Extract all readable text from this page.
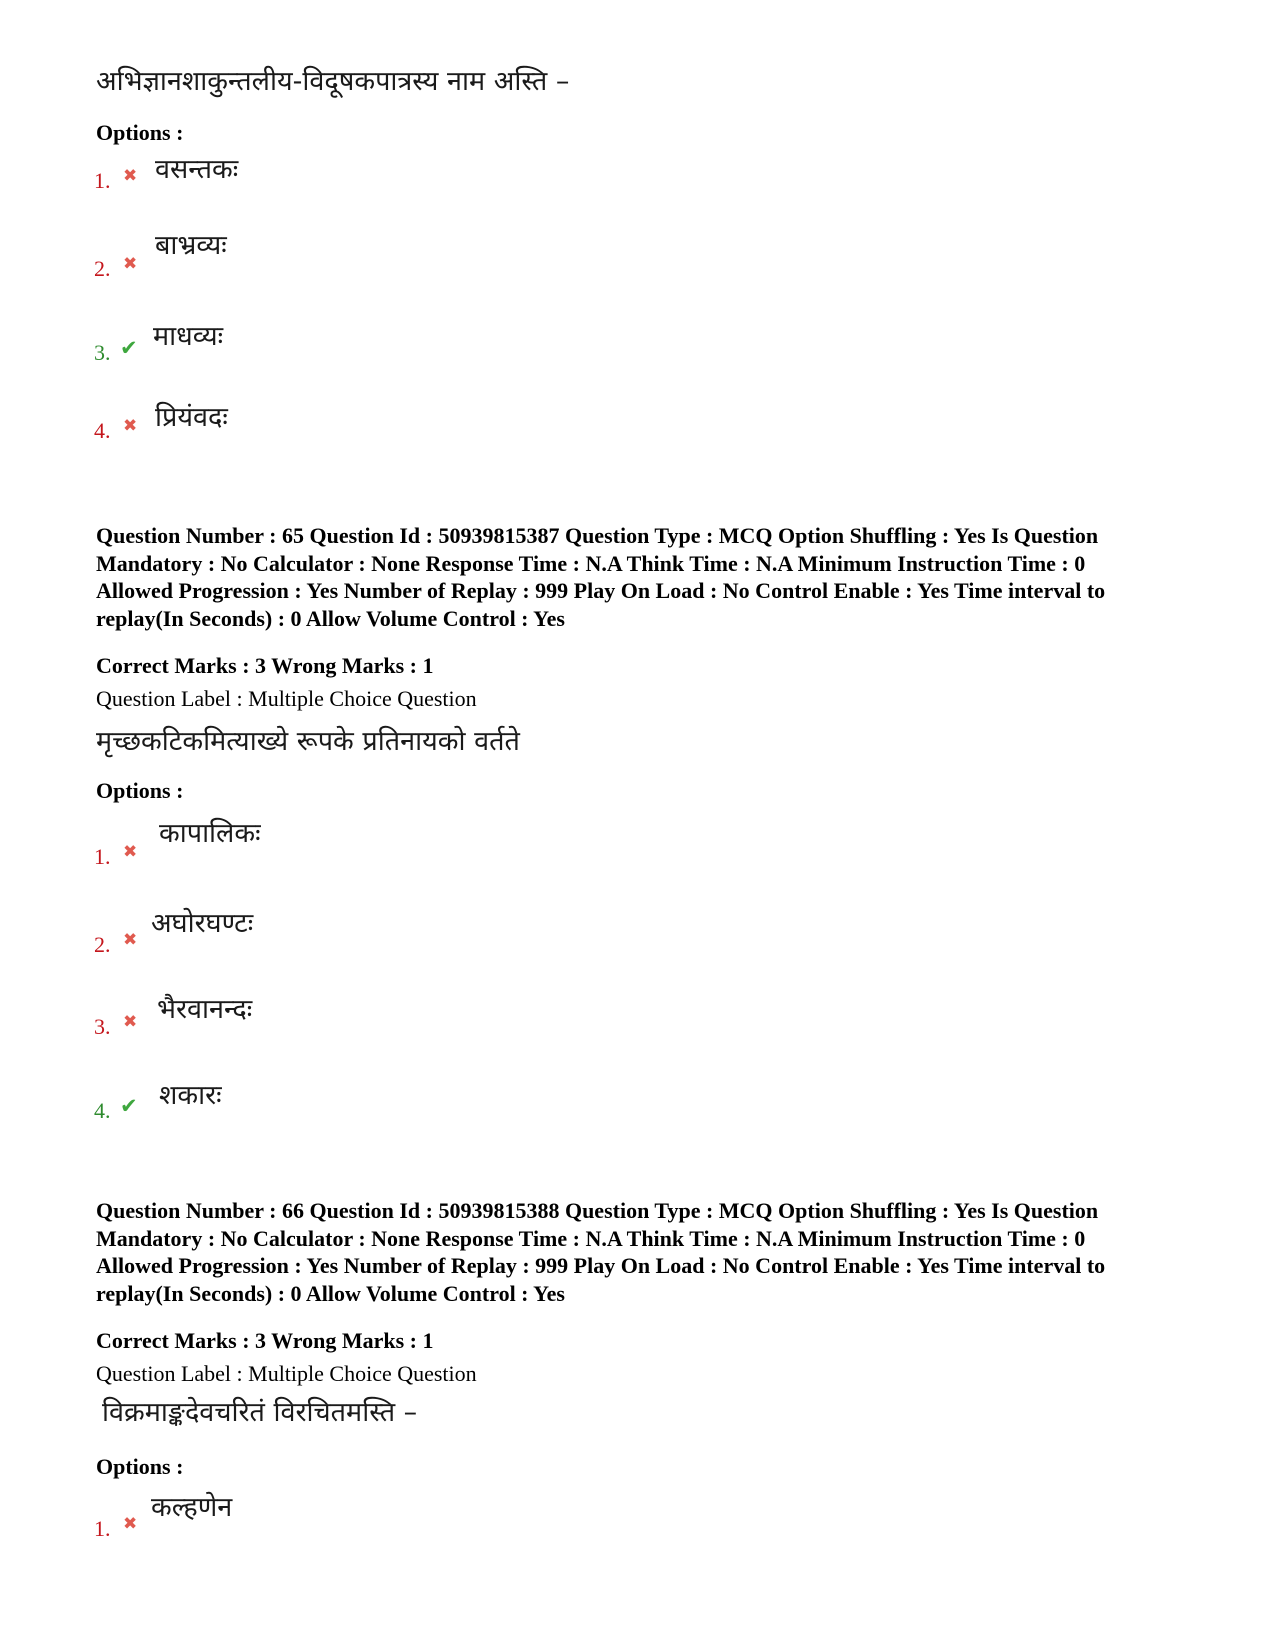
अभिज्ञानशाकुन्तलीय-विदूषकपात्रस्य नाम अस्ति –
Options :
1. ✖ वसन्तकः
2. ✖
बाभ्रव्यः
3. ✔ माधव्यः
4. ✖ प्रियंवदः
Question Number : 65 Question Id : 50939815387 Question Type : MCQ Option Shuffling : Yes Is Question Mandatory : No Calculator : None Response Time : N.A Think Time : N.A Minimum Instruction Time : 0 Allowed Progression : Yes Number of Replay : 999 Play On Load : No Control Enable : Yes Time interval to replay(In Seconds) : 0 Allow Volume Control : Yes
Correct Marks : 3 Wrong Marks : 1
Question Label : Multiple Choice Question
मृच्छकटिकमित्याख्ये रूपके प्रतिनायको वर्तते
Options :
1. ✖
कापालिकः
2. ✖
अघोरघण्टः
3. ✖ भैरवानन्दः
4. ✔ शकारः
Question Number : 66 Question Id : 50939815388 Question Type : MCQ Option Shuffling : Yes Is Question Mandatory : No Calculator : None Response Time : N.A Think Time : N.A Minimum Instruction Time : 0 Allowed Progression : Yes Number of Replay : 999 Play On Load : No Control Enable : Yes Time interval to replay(In Seconds) : 0 Allow Volume Control : Yes
Correct Marks : 3 Wrong Marks : 1
Question Label : Multiple Choice Question
विक्रमाङ्कदेवचरितं विरचितमस्ति –
Options :
1. ✖
कल्हणेन
